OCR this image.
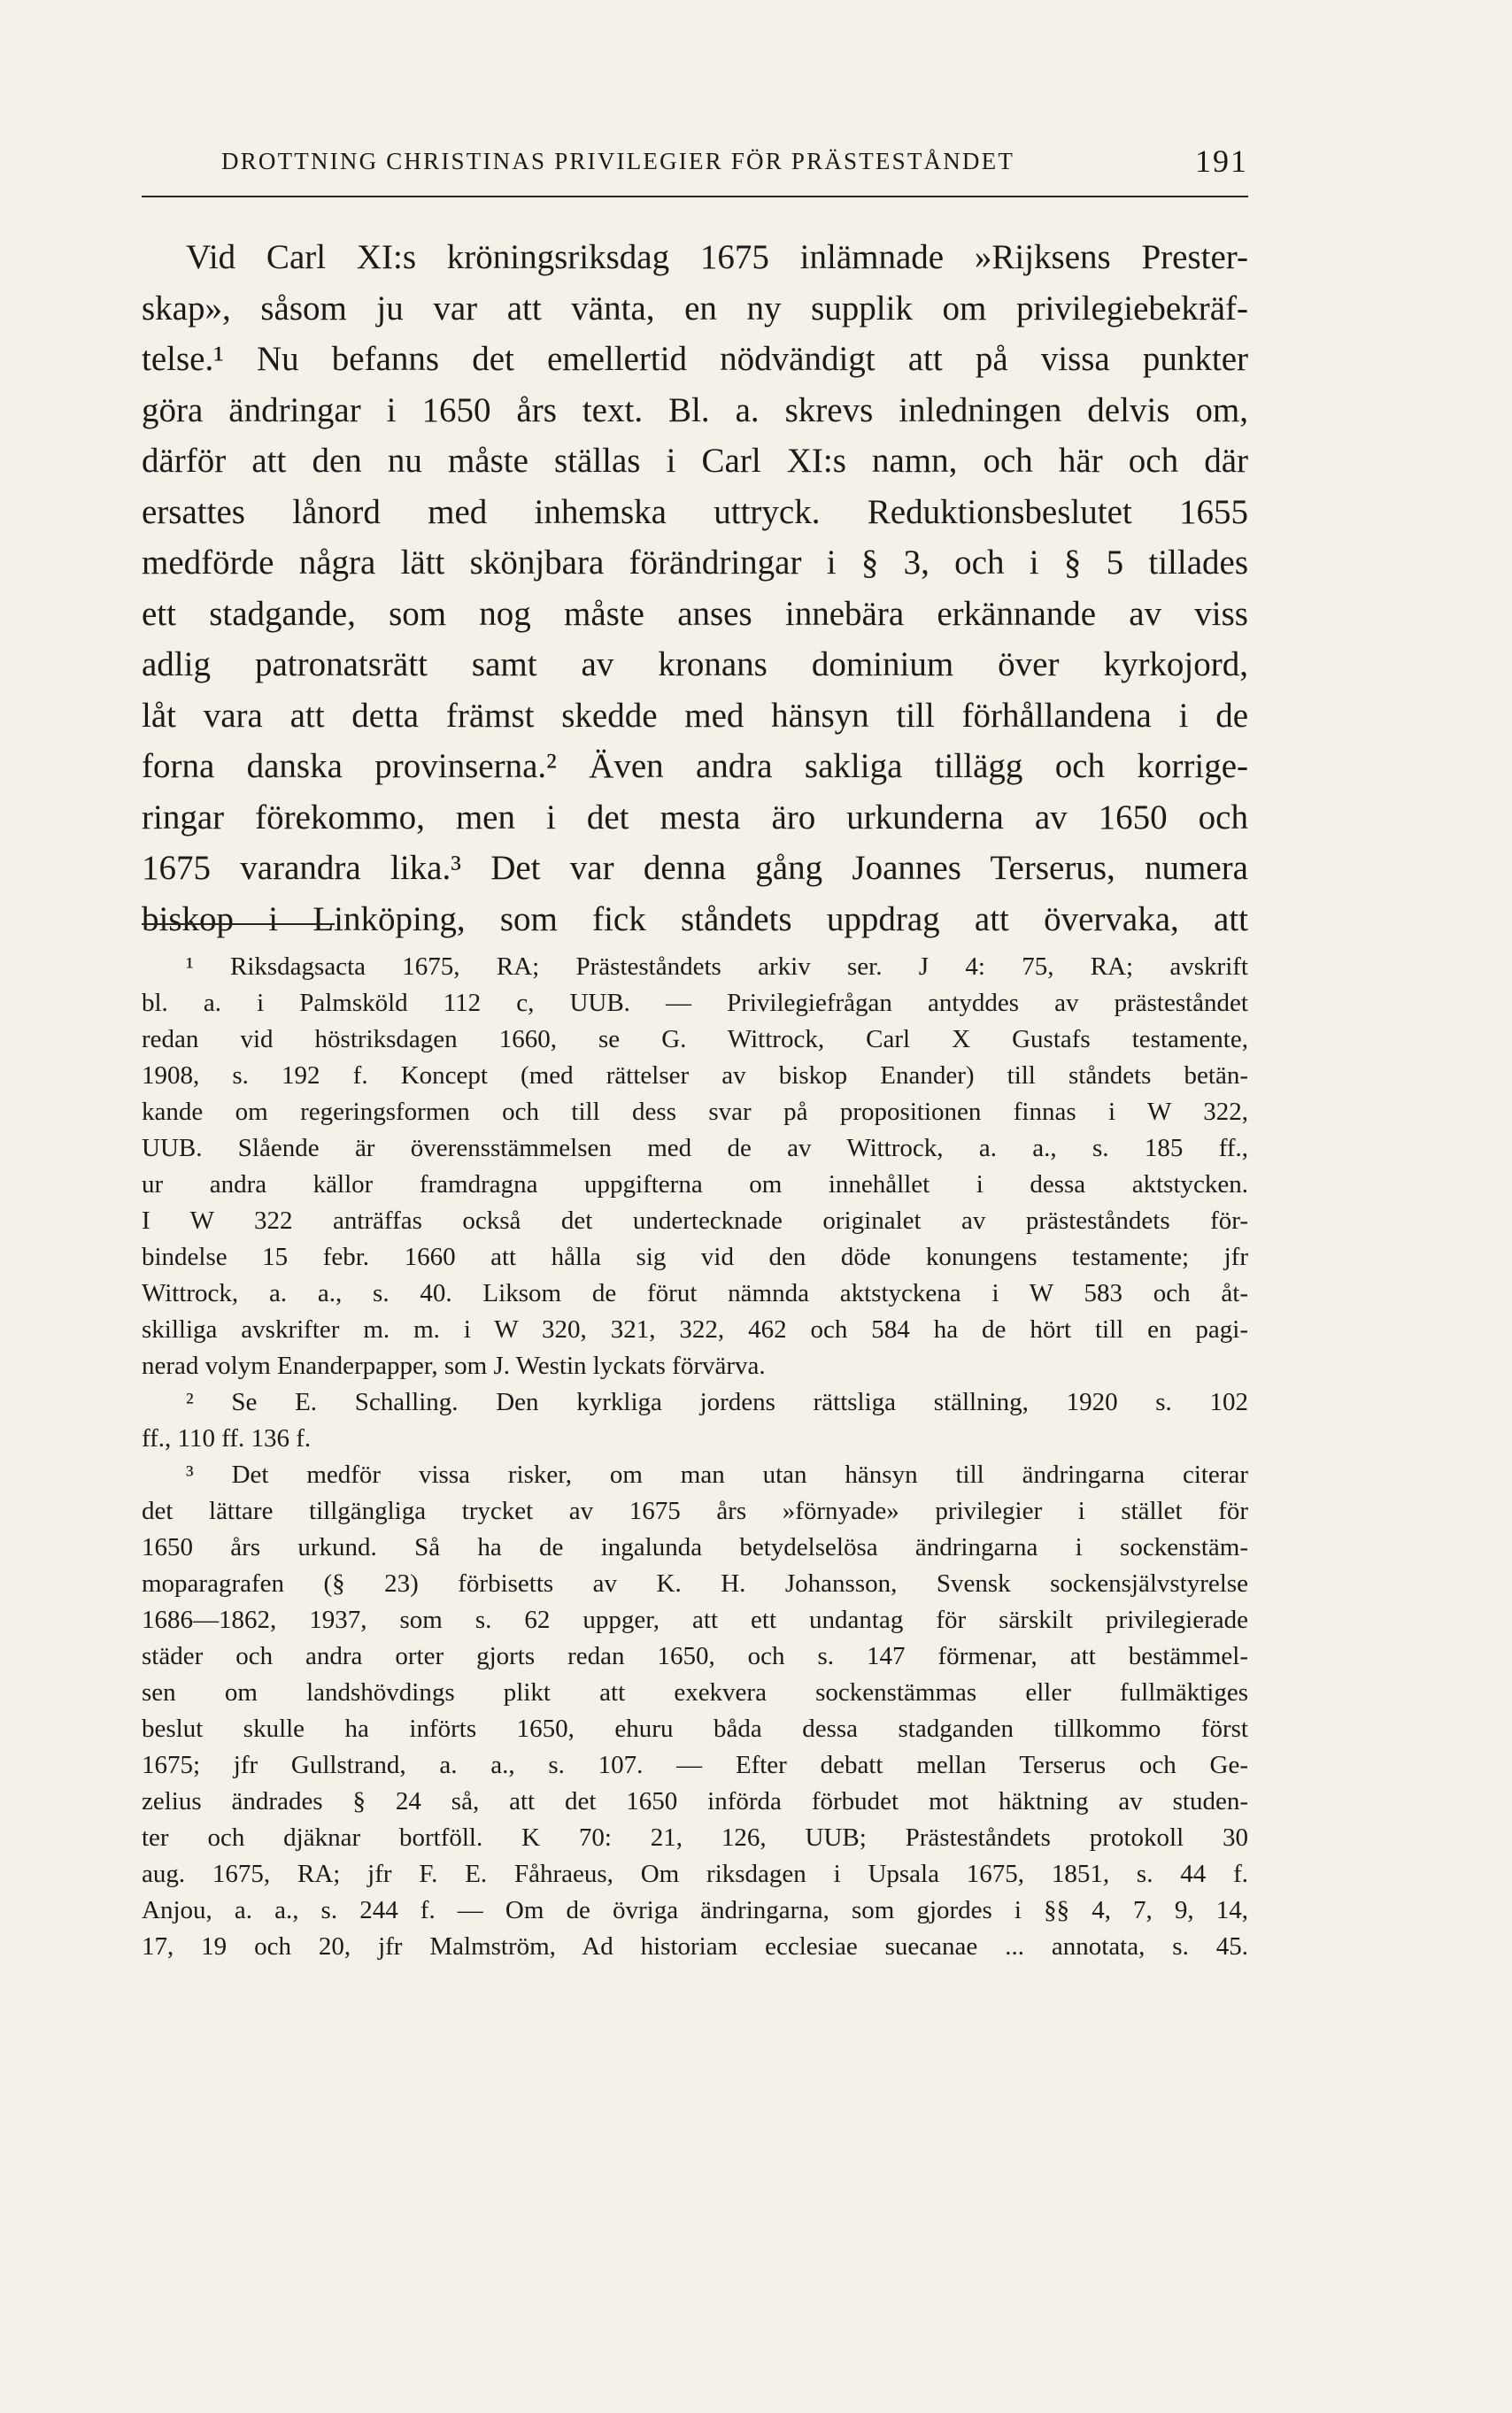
DROTTNING CHRISTINAS PRIVILEGIER FÖR PRÄSTESTÅNDET	191
Vid Carl XI:s kröningsriksdag 1675 inlämnade »Rijksens Prester-
skap», såsom ju var att vänta, en ny supplik om privilegiebekräf-
telse.¹ Nu befanns det emellertid nödvändigt att på vissa punkter
göra ändringar i 1650 års text. Bl. a. skrevs inledningen delvis om,
därför att den nu måste ställas i Carl XI:s namn, och här och där
ersattes lånord med inhemska uttryck. Reduktionsbeslutet 1655
medförde några lätt skönjbara förändringar i § 3, och i § 5 tillades
ett stadgande, som nog måste anses innebära erkännande av viss
adlig patronatsrätt samt av kronans dominium över kyrkojord,
låt vara att detta främst skedde med hänsyn till förhållandena i de
forna danska provinserna.² Även andra sakliga tillägg och korrige-
ringar förekommo, men i det mesta äro urkunderna av 1650 och
1675 varandra lika.³ Det var denna gång Joannes Terserus, numera
biskop i Linköping, som fick ståndets uppdrag att övervaka, att
¹ Riksdagsacta 1675, RA; Prästeståndets arkiv ser. J 4: 75, RA; avskrift
bl. a. i Palmsköld 112 c, UUB. — Privilegiefrågan antyddes av prästeståndet
redan vid höstriksdagen 1660, se G. Wittrock, Carl X Gustafs testamente,
1908, s. 192 f. Koncept (med rättelser av biskop Enander) till ståndets betän-
kande om regeringsformen och till dess svar på propositionen finnas i W 322,
UUB. Slående är överensstämmelsen med de av Wittrock, a. a., s. 185 ff.,
ur andra källor framdragna uppgifterna om innehållet i dessa aktstycken.
I W 322 anträffas också det undertecknade originalet av prästeståndets för-
bindelse 15 febr. 1660 att hålla sig vid den döde konungens testamente; jfr
Wittrock, a. a., s. 40. Liksom de förut nämnda aktstyckena i W 583 och åt-
skilliga avskrifter m. m. i W 320, 321, 322, 462 och 584 ha de hört till en pagi-
nerad volym Enanderpapper, som J. Westin lyckats förvärva.
² Se E. Schalling. Den kyrkliga jordens rättsliga ställning, 1920 s. 102
ff., 110 ff. 136 f.
³ Det medför vissa risker, om man utan hänsyn till ändringarna citerar
det lättare tillgängliga trycket av 1675 års »förnyade» privilegier i stället för
1650 års urkund. Så ha de ingalunda betydelselösa ändringarna i sockenstäm-
moparagrafen (§ 23) förbisetts av K. H. Johansson, Svensk sockensjälvstyrelse
1686—1862, 1937, som s. 62 uppger, att ett undantag för särskilt privilegierade
städer och andra orter gjorts redan 1650, och s. 147 förmenar, att bestämmel-
sen om landshövdings plikt att exekvera sockenstämmas eller fullmäktiges
beslut skulle ha införts 1650, ehuru båda dessa stadganden tillkommo först
1675; jfr Gullstrand, a. a., s. 107. — Efter debatt mellan Terserus och Ge-
zelius ändrades § 24 så, att det 1650 införda förbudet mot häktning av studen-
ter och djäknar bortföll. K 70: 21, 126, UUB; Prästeståndets protokoll 30
aug. 1675, RA; jfr F. E. Fåhraeus, Om riksdagen i Upsala 1675, 1851, s. 44 f.
Anjou, a. a., s. 244 f. — Om de övriga ändringarna, som gjordes i §§ 4, 7, 9, 14,
17, 19 och 20, jfr Malmström, Ad historiam ecclesiae suecanae ... annotata, s. 45.
